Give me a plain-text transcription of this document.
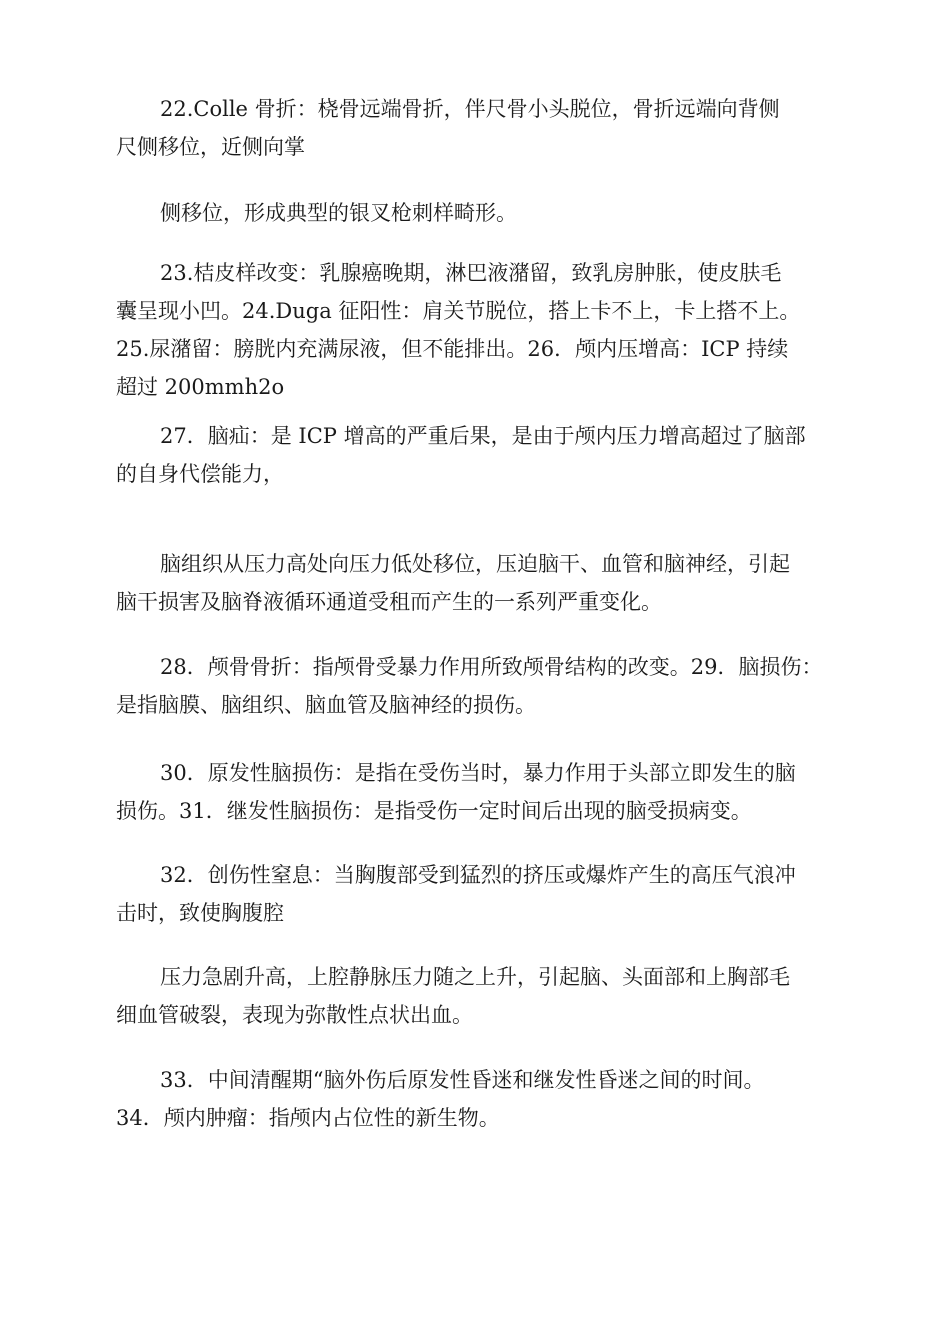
22.Colle 骨折：桡骨远端骨折，伴尺骨小头脱位，骨折远端向背侧
尺侧移位，近侧向掌
侧移位，形成典型的银叉枪刺样畸形。
23.桔皮样改变：乳腺癌晚期，淋巴液潴留，致乳房肿胀，使皮肤毛
囊呈现小凹。24.Duga 征阳性：肩关节脱位，搭上卡不上，卡上搭不上。
25.尿潴留：膀胱内充满尿液，但不能排出。26．颅内压增高：ICP 持续
超过 200mmh2o
27．脑疝：是 ICP 增高的严重后果，是由于颅内压力增高超过了脑部
的自身代偿能力，
脑组织从压力高处向压力低处移位，压迫脑干、血管和脑神经，引起
脑干损害及脑脊液循环通道受租而产生的一系列严重变化。
28．颅骨骨折：指颅骨受暴力作用所致颅骨结构的改变。29．脑损伤：
是指脑膜、脑组织、脑血管及脑神经的损伤。
30．原发性脑损伤：是指在受伤当时，暴力作用于头部立即发生的脑
损伤。31．继发性脑损伤：是指受伤一定时间后出现的脑受损病变。
32．创伤性窒息：当胸腹部受到猛烈的挤压或爆炸产生的高压气浪冲
击时，致使胸腹腔
压力急剧升高，上腔静脉压力随之上升，引起脑、头面部和上胸部毛
细血管破裂，表现为弥散性点状出血。
33．中间清醒期“脑外伤后原发性昏迷和继发性昏迷之间的时间。
34．颅内肿瘤：指颅内占位性的新生物。
